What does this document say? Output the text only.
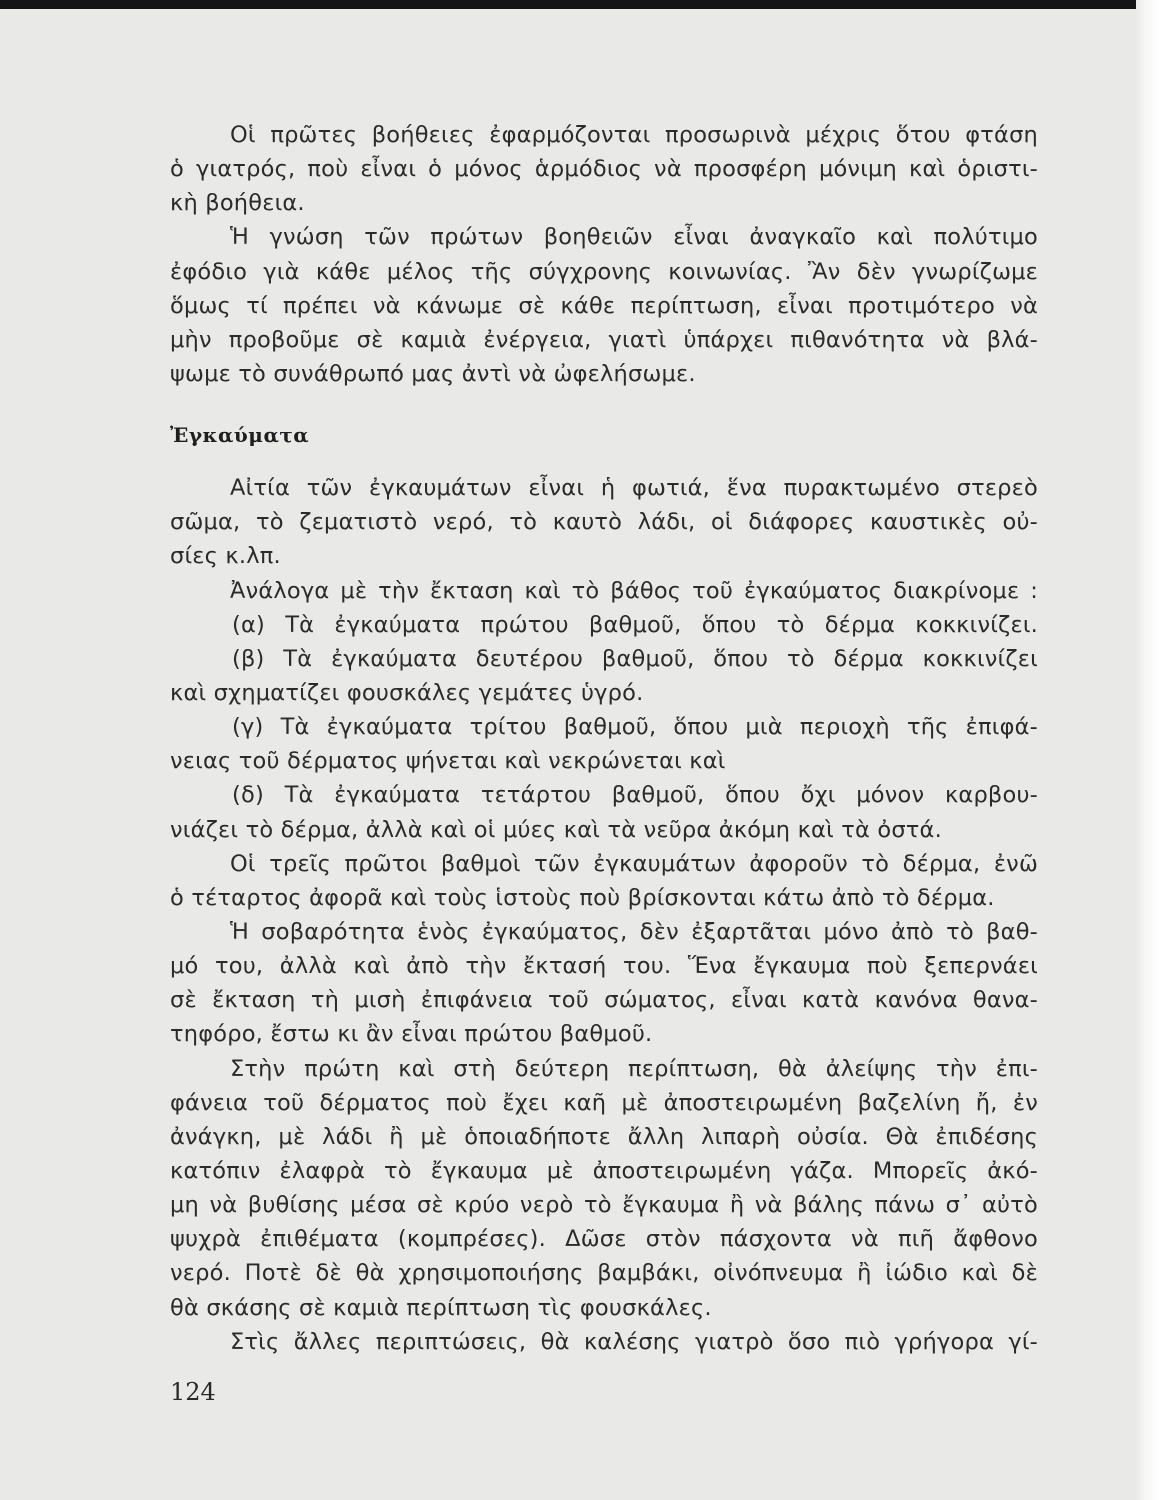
Οἱ πρῶτες βοήθειες ἐφαρμόζονται προσωρινὰ μέχρις ὅτου φτάση
ὁ γιατρός, ποὺ εἶναι ὁ μόνος ἁρμόδιος νὰ προσφέρη μόνιμη καὶ ὁριστι-
κὴ βοήθεια.
Ἡ γνώση τῶν πρώτων βοηθειῶν εἶναι ἀναγκαῖο καὶ πολύτιμο
ἐφόδιο γιὰ κάθε μέλος τῆς σύγχρονης κοινωνίας. Ἂν δὲν γνωρίζωμε
ὅμως τί πρέπει νὰ κάνωμε σὲ κάθε περίπτωση, εἶναι προτιμότερο νὰ
μὴν προβοῦμε σὲ καμιὰ ἐνέργεια, γιατὶ ὑπάρχει πιθανότητα νὰ βλά-
ψωμε τὸ συνάθρωπό μας ἀντὶ νὰ ὠφελήσωμε.
Ἐγκαύματα
Αἰτία τῶν ἐγκαυμάτων εἶναι ἡ φωτιά, ἕνα πυρακτωμένο στερεὸ
σῶμα, τὸ ζεματιστὸ νερό, τὸ καυτὸ λάδι, οἱ διάφορες καυστικὲς οὐ-
σίες κ.λπ.
Ἀνάλογα μὲ τὴν ἔκταση καὶ τὸ βάθος τοῦ ἐγκαύματος διακρίνομε :
(α) Τὰ ἐγκαύματα πρώτου βαθμοῦ, ὅπου τὸ δέρμα κοκκινίζει.
(β) Τὰ ἐγκαύματα δευτέρου βαθμοῦ, ὅπου τὸ δέρμα κοκκινίζει
καὶ σχηματίζει φουσκάλες γεμάτες ὑγρό.
(γ) Τὰ ἐγκαύματα τρίτου βαθμοῦ, ὅπου μιὰ περιοχὴ τῆς ἐπιφά-
νειας τοῦ δέρματος ψήνεται καὶ νεκρώνεται καὶ
(δ) Τὰ ἐγκαύματα τετάρτου βαθμοῦ, ὅπου ὄχι μόνον καρβου-
νιάζει τὸ δέρμα, ἀλλὰ καὶ οἱ μύες καὶ τὰ νεῦρα ἀκόμη καὶ τὰ ὀστά.
Οἱ τρεῖς πρῶτοι βαθμοὶ τῶν ἐγκαυμάτων ἀφοροῦν τὸ δέρμα, ἐνῶ
ὁ τέταρτος ἀφορᾶ καὶ τοὺς ἱστοὺς ποὺ βρίσκονται κάτω ἀπὸ τὸ δέρμα.
Ἡ σοβαρότητα ἑνὸς ἐγκαύματος, δὲν ἐξαρτᾶται μόνο ἀπὸ τὸ βαθ-
μό του, ἀλλὰ καὶ ἀπὸ τὴν ἔκτασή του. Ἕνα ἔγκαυμα ποὺ ξεπερνάει
σὲ ἔκταση τὴ μισὴ ἐπιφάνεια τοῦ σώματος, εἶναι κατὰ κανόνα θανα-
τηφόρο, ἔστω κι ἂν εἶναι πρώτου βαθμοῦ.
Στὴν πρώτη καὶ στὴ δεύτερη περίπτωση, θὰ ἀλείψης τὴν ἐπι-
φάνεια τοῦ δέρματος ποὺ ἔχει καῆ μὲ ἀποστειρωμένη βαζελίνη ἤ, ἐν
ἀνάγκη, μὲ λάδι ἢ μὲ ὁποιαδήποτε ἄλλη λιπαρὴ οὐσία. Θὰ ἐπιδέσης
κατόπιν ἐλαφρὰ τὸ ἔγκαυμα μὲ ἀποστειρωμένη γάζα. Μπορεῖς ἀκό-
μη νὰ βυθίσης μέσα σὲ κρύο νερὸ τὸ ἔγκαυμα ἢ νὰ βάλης πάνω σ᾿ αὐτὸ
ψυχρὰ ἐπιθέματα (κομπρέσες). Δῶσε στὸν πάσχοντα νὰ πιῆ ἄφθονο
νερό. Ποτὲ δὲ θὰ χρησιμοποιήσης βαμβάκι, οἰνόπνευμα ἢ ἰώδιο καὶ δὲ
θὰ σκάσης σὲ καμιὰ περίπτωση τὶς φουσκάλες.
Στὶς ἄλλες περιπτώσεις, θὰ καλέσης γιατρὸ ὅσο πιὸ γρήγορα γί-
124
